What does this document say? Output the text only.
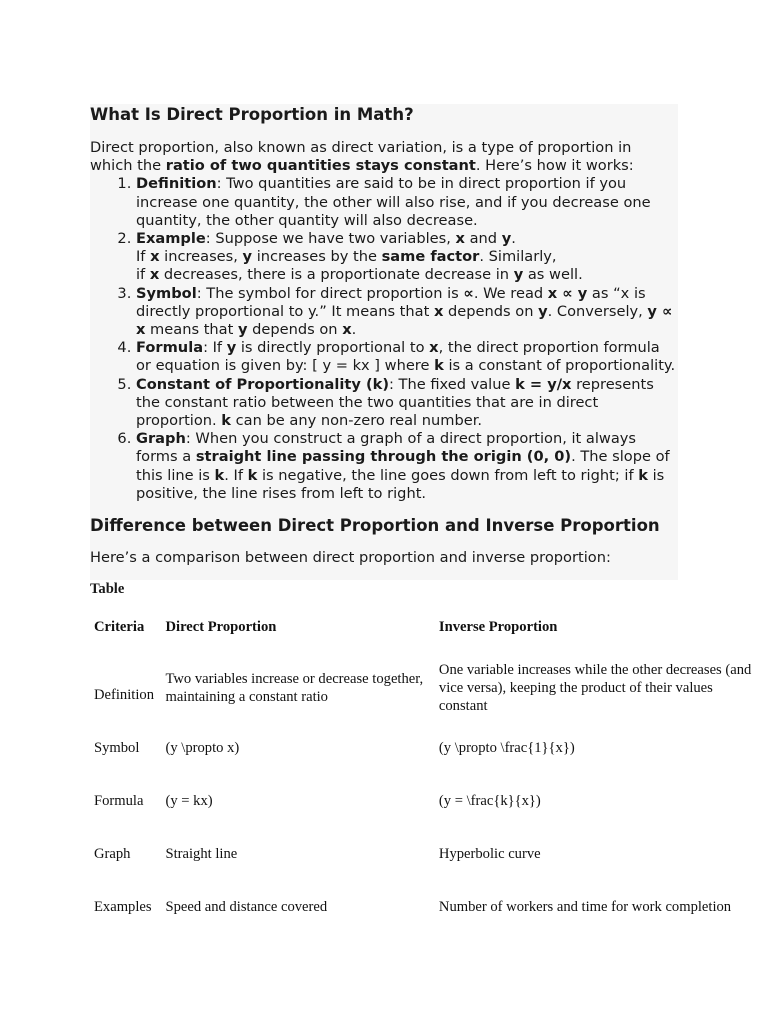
What Is Direct Proportion in Math?
Direct proportion, also known as direct variation, is a type of proportion in which the ratio of two quantities stays constant. Here’s how it works:
1. Definition: Two quantities are said to be in direct proportion if you increase one quantity, the other will also rise, and if you decrease one quantity, the other quantity will also decrease.
2. Example: Suppose we have two variables, x and y.
If x increases, y increases by the same factor. Similarly,
if x decreases, there is a proportionate decrease in y as well.
3. Symbol: The symbol for direct proportion is ∝. We read x ∝ y as “x is directly proportional to y.” It means that x depends on y. Conversely, y ∝ x means that y depends on x.
4. Formula: If y is directly proportional to x, the direct proportion formula or equation is given by: [ y = kx ] where k is a constant of proportionality.
5. Constant of Proportionality (k): The fixed value k = y/x represents the constant ratio between the two quantities that are in direct proportion. k can be any non-zero real number.
6. Graph: When you construct a graph of a direct proportion, it always forms a straight line passing through the origin (0, 0). The slope of this line is k. If k is negative, the line goes down from left to right; if k is positive, the line rises from left to right.
Difference between Direct Proportion and Inverse Proportion
Here’s a comparison between direct proportion and inverse proportion:
Table
Criteria	Direct Proportion	Inverse Proportion
Definition	Two variables increase or decrease together, maintaining a constant ratio	One variable increases while the other decreases (and vice versa), keeping the product of their values constant
Symbol	(y \propto x)	(y \propto \frac{1}{x})
Formula	(y = kx)	(y = \frac{k}{x})
Graph	Straight line	Hyperbolic curve
Examples	Speed and distance covered	Number of workers and time for work completion
